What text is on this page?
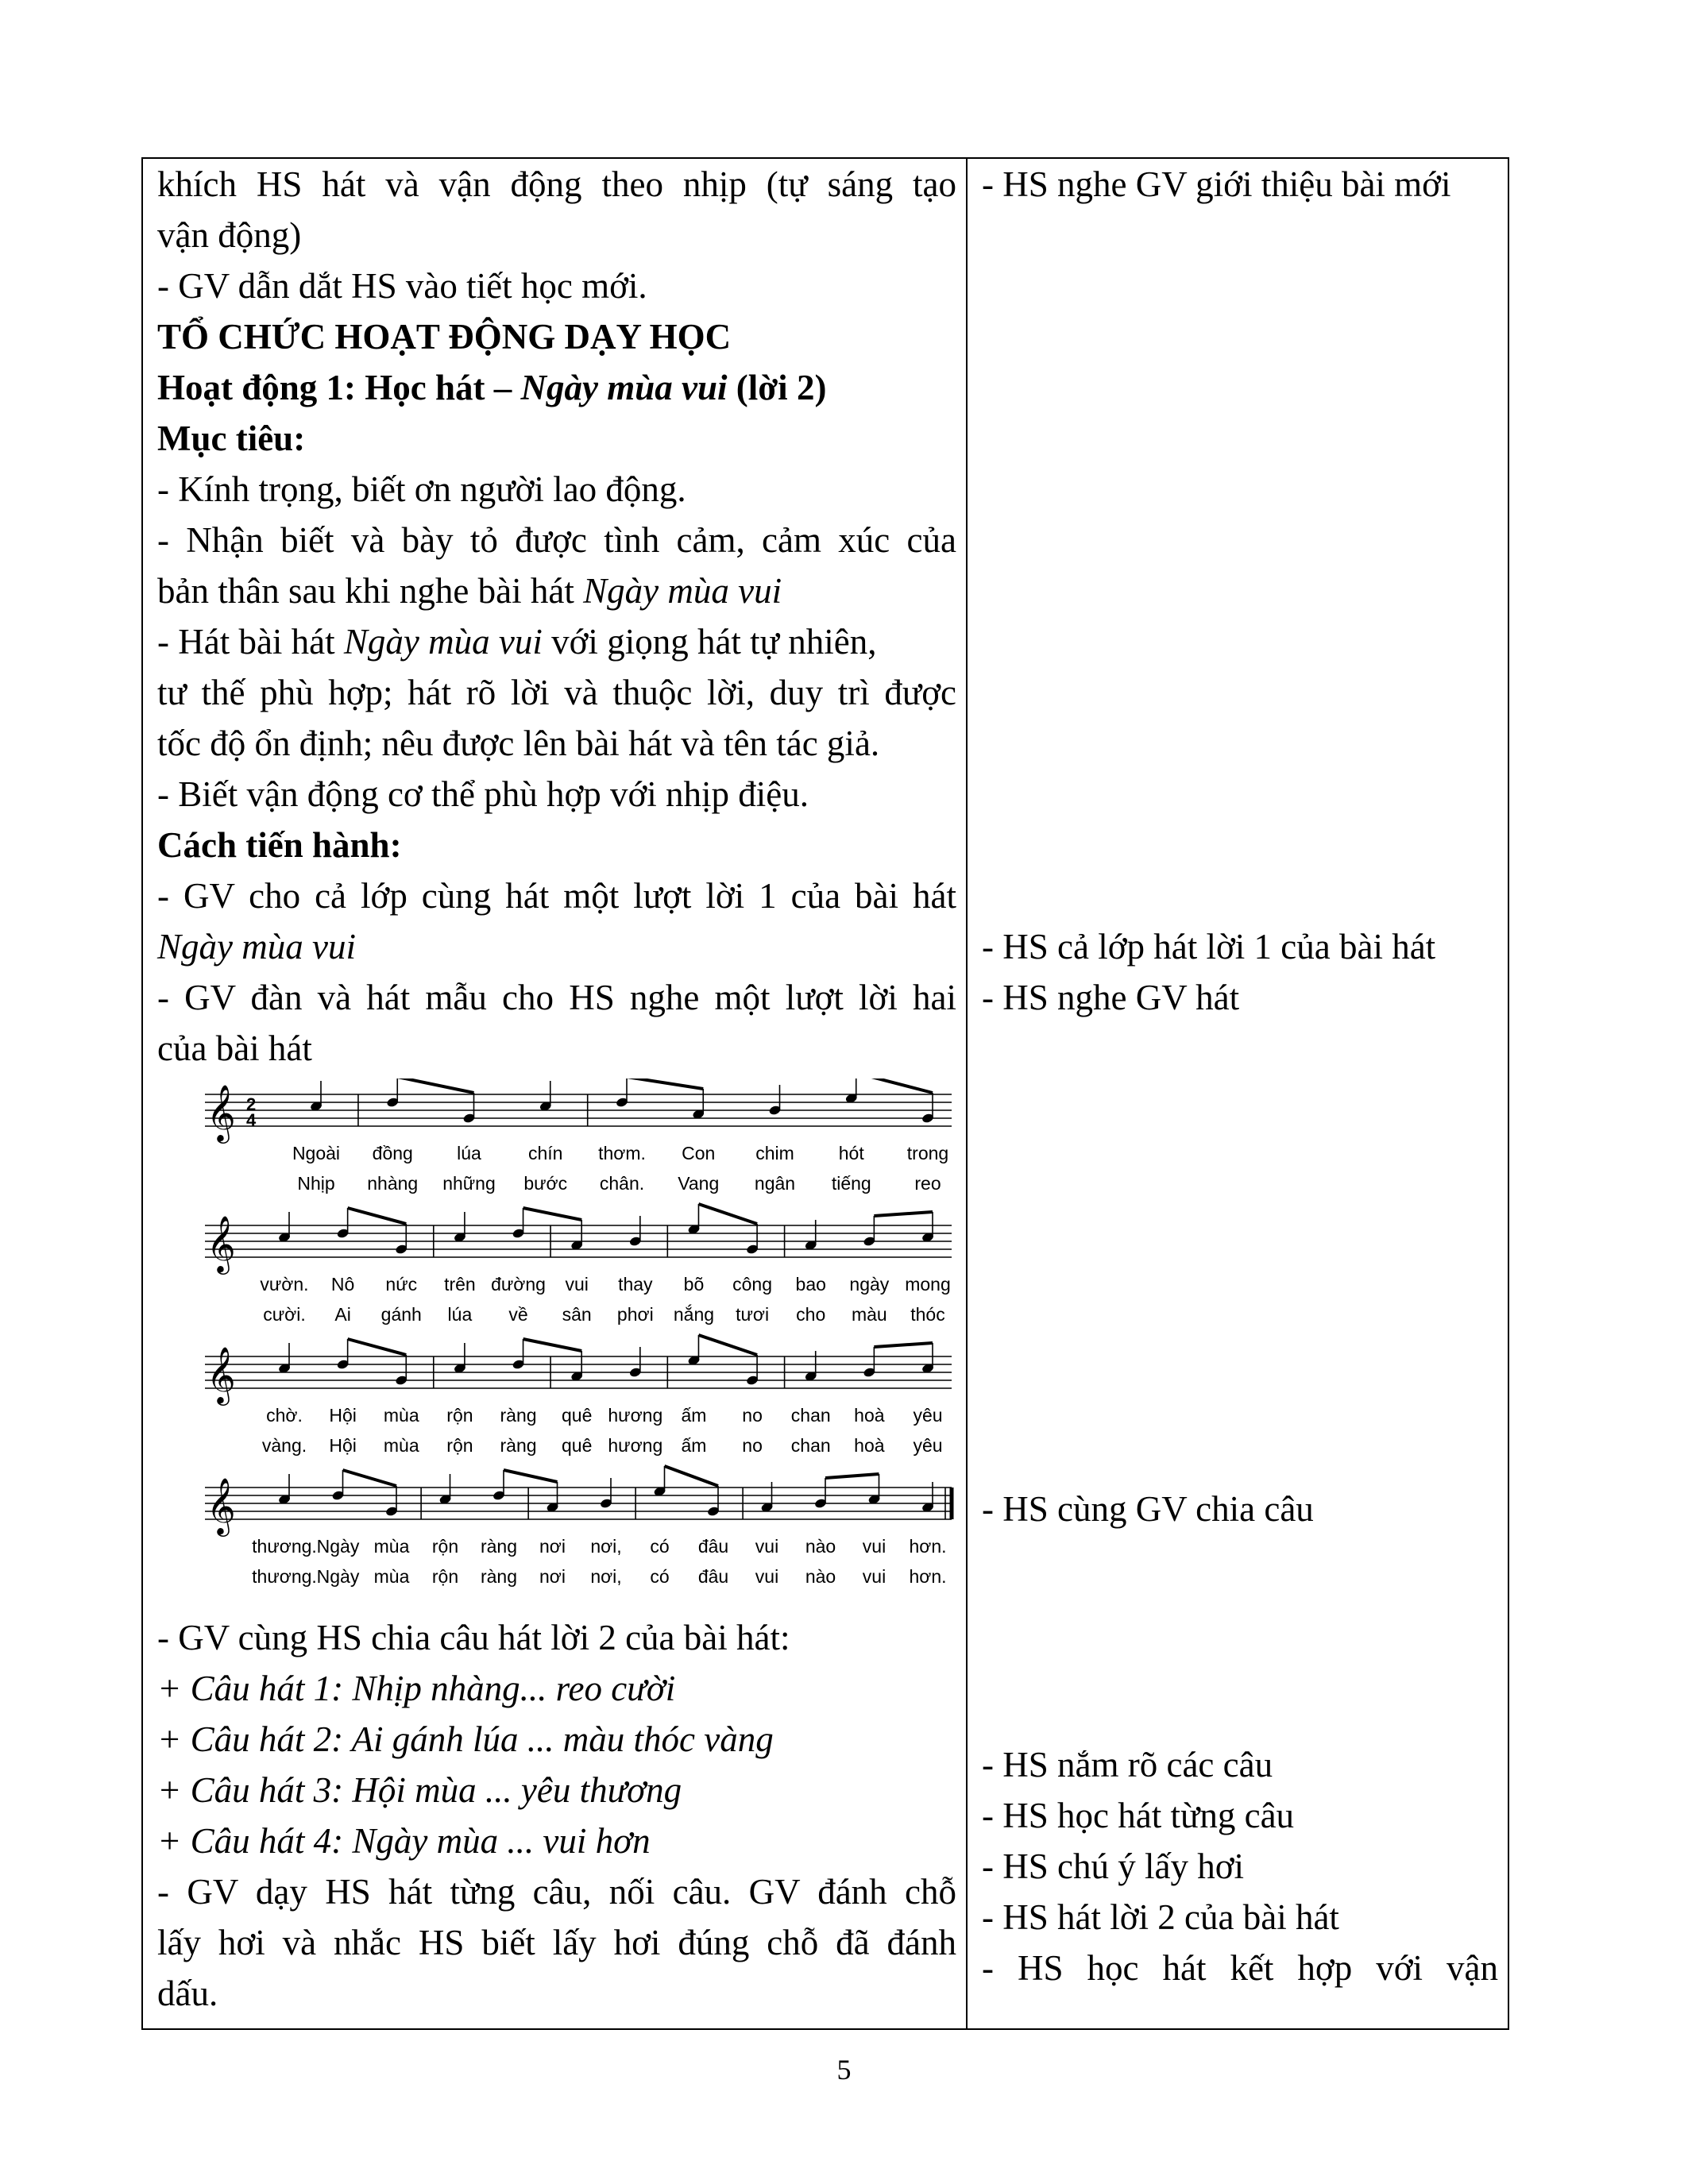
khích HS hát và vận động theo nhịp (tự sáng tạo
vận động)
- GV dẫn dắt HS vào tiết học mới.
TỔ CHỨC HOẠT ĐỘNG DẠY HỌC
Hoạt động 1: Học hát – Ngày mùa vui (lời 2)
Mục tiêu:
- Kính trọng, biết ơn người lao động.
- Nhận biết và bày tỏ được tình cảm, cảm xúc của
bản thân sau khi nghe bài hát Ngày mùa vui
- Hát bài hát Ngày mùa vui với giọng hát tự nhiên,
tư thế phù hợp; hát rõ lời và thuộc lời, duy trì được
tốc độ ổn định; nêu được lên bài hát và tên tác giả.
- Biết vận động cơ thể phù hợp với nhịp điệu.
Cách tiến hành:
- GV cho cả lớp cùng hát một lượt lời 1 của bài hát
Ngày mùa vui
- GV đàn và hát mẫu cho HS nghe một lượt lời hai
của bài hát
𝄞 2
4
Ngoài đồng lúa	chín thơm. Con chim hót trong
Nhịp nhàng những bước chân. Vang ngân tiếng reo
𝄞
vườn. Nô nức trên đường vui thay bõ công bao ngày mong
cười. Ai gánh lúa về sân phơi nắng tươi cho màu thóc
𝄞
chờ. Hội mùa rộn ràng quê hương ấm no chan hoà yêu
vàng. Hội mùa rộn ràng quê hương ấm no chan hoà yêu
𝄞
thương. Ngày mùa rộn ràng nơi nơi, có đâu vui nào vui hơn.
thương. Ngày mùa rộn ràng nơi nơi, có đâu vui nào vui hơn.
- GV cùng HS chia câu hát lời 2 của bài hát:
+ Câu hát 1: Nhịp nhàng... reo cười
+ Câu hát 2: Ai gánh lúa ... màu thóc vàng
+ Câu hát 3: Hội mùa ... yêu thương
+ Câu hát 4: Ngày mùa ... vui hơn
- GV dạy HS hát từng câu, nối câu. GV đánh chỗ
lấy hơi và nhắc HS biết lấy hơi đúng chỗ đã đánh
dấu.
- HS nghe GV giới thiệu bài mới
- HS cả lớp hát lời 1 của bài hát
- HS nghe GV hát
- HS cùng GV chia câu
- HS nắm rõ các câu
- HS học hát từng câu
- HS chú ý lấy hơi
- HS hát lời 2 của bài hát
- HS học hát kết hợp với vận
5
